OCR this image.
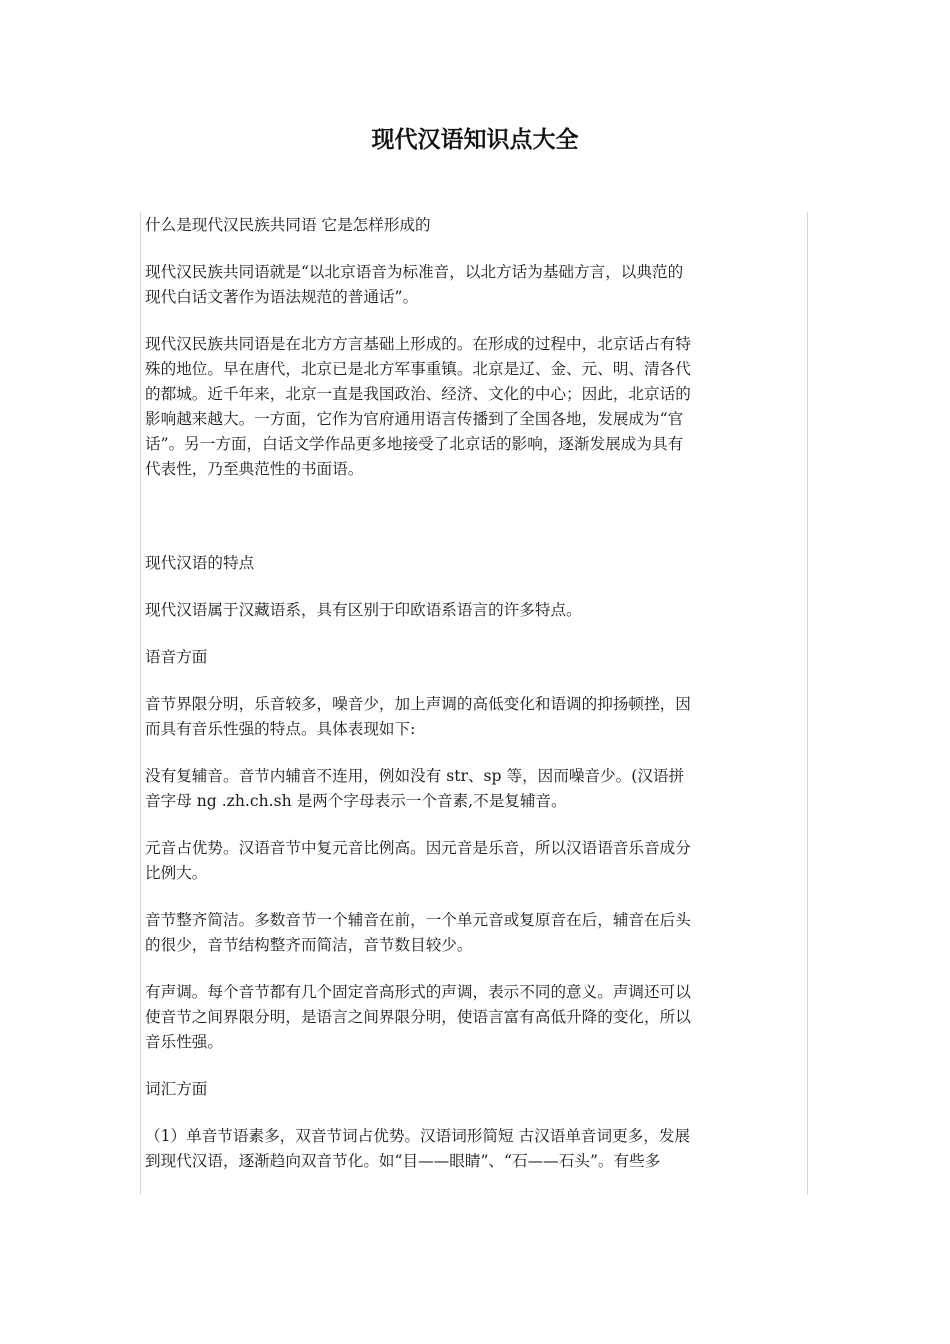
现代汉语知识点大全

什么是现代汉民族共同语 它是怎样形成的

现代汉民族共同语就是“以北京语音为标准音，以北方话为基础方言，以典范的

现代白话文著作为语法规范的普通话”。

现代汉民族共同语是在北方方言基础上形成的。在形成的过程中，北京话占有特

殊的地位。早在唐代，北京已是北方军事重镇。北京是辽、金、元、明、清各代

的都城。近千年来，北京一直是我国政治、经济、文化的中心；因此，北京话的

影响越来越大。一方面，它作为官府通用语言传播到了全国各地，发展成为“官

话”。另一方面，白话文学作品更多地接受了北京话的影响，逐渐发展成为具有

代表性，乃至典范性的书面语。

现代汉语的特点

现代汉语属于汉藏语系，具有区别于印欧语系语言的许多特点。

语音方面

音节界限分明，乐音较多，噪音少，加上声调的高低变化和语调的抑扬顿挫，因

而具有音乐性强的特点。具体表现如下:

没有复辅音。音节内辅音不连用，例如没有 str、sp 等，因而噪音少。(汉语拼

音字母 ng .zh.ch.sh 是两个字母表示一个音素,不是复辅音。

元音占优势。汉语音节中复元音比例高。因元音是乐音，所以汉语语音乐音成分

比例大。

音节整齐简洁。多数音节一个辅音在前，一个单元音或复原音在后，辅音在后头

的很少，音节结构整齐而简洁，音节数目较少。

有声调。每个音节都有几个固定音高形式的声调，表示不同的意义。声调还可以

使音节之间界限分明，是语言之间界限分明，使语言富有高低升降的变化，所以

音乐性强。

词汇方面

（1）单音节语素多，双音节词占优势。汉语词形简短 古汉语单音词更多，发展

到现代汉语，逐渐趋向双音节化。如“目——眼睛”、“石——石头”。有些多
